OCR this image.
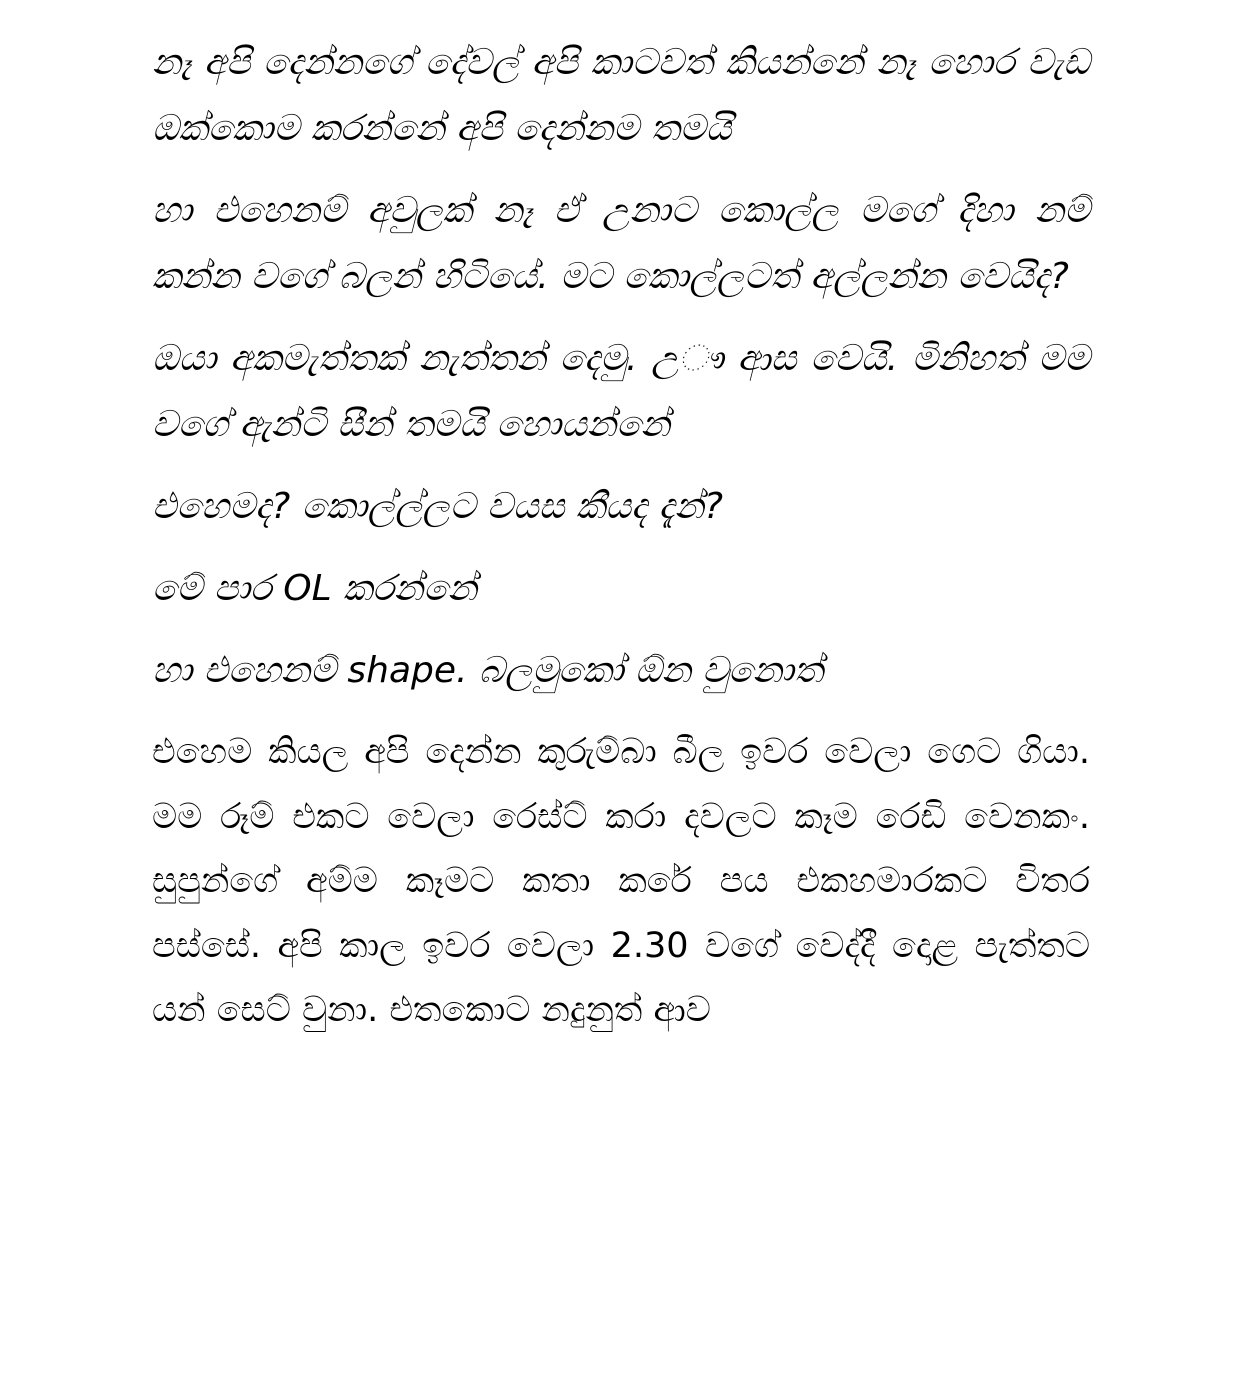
නෑ අපි දෙන්නගේ දේවල් අපි කාටවත් කියන්නේ නෑ හොර වැඩ ඔක්කොම කරන්නේ අපි දෙන්නම තමයි

හා එහෙනම් අවුලක් නෑ ඒ උනාට කොල්ල මගේ දිහා නම් කන්න වගේ බලන් හිටියේ. මට කොල්ලටත් අල්ලන්න වෙයිද?

ඔයා අකමැත්තක් නැත්තන් දෙමු. උෟ ආස වෙයි. මිනිහත් මම වගේ ඇන්ටි සීන් තමයි හොයන්නේ

එහෙමද? කොල්ල්ලට වයස කීයද දැන්?

මේ පාර OL කරන්නේ

හා එහෙනම් shape. බලමුකෝ ඕන වුනොත්

එහෙම කියල අපි දෙන්න කුරුම්බා බීල ඉවර වෙලා ගෙට ගියා. මම රූම් එකට වෙලා රෙස්ට් කරා දවලට කෑම රෙඩි වෙනකං. සුපුන්ගේ අම්ම කෑමට කතා කරේ පය එකහමාරකට විතර පස්සේ. අපි කාල ඉවර වෙලා 2.30 වගේ වෙද්දී දොළ පැත්තට යන් සෙට් වුනා. එතකොට නදුනුත් ආව
